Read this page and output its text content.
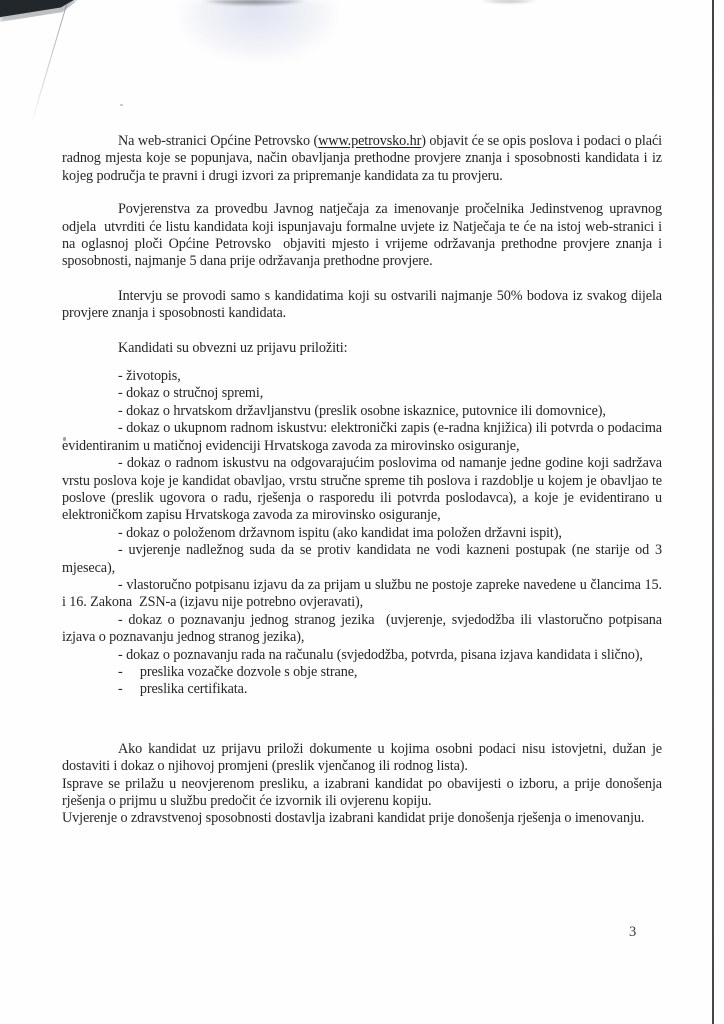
Na web-stranici Općine Petrovsko (www.petrovsko.hr) objavit će se opis poslova i podaci o plaći radnog mjesta koje se popunjava, način obavljanja prethodne provjere znanja i sposobnosti kandidata i iz kojeg područja te pravni i drugi izvori za pripremanje kandidata za tu provjeru.

Povjerenstva za provedbu Javnog natječaja za imenovanje pročelnika Jedinstvenog upravnog odjela  utvrditi će listu kandidata koji ispunjavaju formalne uvjete iz Natječaja te će na istoj web-stranici i na oglasnoj ploči Općine Petrovsko  objaviti mjesto i vrijeme održavanja prethodne provjere znanja i sposobnosti, najmanje 5 dana prije održavanja prethodne provjere.

Intervju se provodi samo s kandidatima koji su ostvarili najmanje 50% bodova iz svakog dijela provjere znanja i sposobnosti kandidata.

Kandidati su obvezni uz prijavu priložiti:

- životopis,

- dokaz o stručnoj spremi,

- dokaz o hrvatskom državljanstvu (preslik osobne iskaznice, putovnice ili domovnice),

- dokaz o ukupnom radnom iskustvu: elektronički zapis (e-radna knjižica) ili potvrda o podacima evidentiranim u matičnoj evidenciji Hrvatskoga zavoda za mirovinsko osiguranje,

- dokaz o radnom iskustvu na odgovarajućim poslovima od namanje jedne godine koji sadržava vrstu poslova koje je kandidat obavljao, vrstu stručne spreme tih poslova i razdoblje u kojem je obavljao te poslove (preslik ugovora o radu, rješenja o rasporedu ili potvrda poslodavca), a koje je evidentirano u elektroničkom zapisu Hrvatskoga zavoda za mirovinsko osiguranje,

- dokaz o položenom državnom ispitu (ako kandidat ima položen državni ispit),

- uvjerenje nadležnog suda da se protiv kandidata ne vodi kazneni postupak (ne starije od 3 mjeseca),

- vlastoručno potpisanu izjavu da za prijam u službu ne postoje zapreke navedene u člancima 15. i 16. Zakona  ZSN-a (izjavu nije potrebno ovjeravati),

- dokaz o poznavanju jednog stranog jezika  (uvjerenje, svjedodžba ili vlastoručno potpisana izjava o poznavanju jednog stranog jezika),

- dokaz o poznavanju rada na računalu (svjedodžba, potvrda, pisana izjava kandidata i slično),

-     preslika vozačke dozvole s obje strane,

-     preslika certifikata.

Ako kandidat uz prijavu priloži dokumente u kojima osobni podaci nisu istovjetni, dužan je dostaviti i dokaz o njihovoj promjeni (preslik vjenčanog ili rodnog lista).

Isprave se prilažu u neovjerenom presliku, a izabrani kandidat po obavijesti o izboru, a prije donošenja rješenja o prijmu u službu predočit će izvornik ili ovjerenu kopiju.

Uvjerenje o zdravstvenoj sposobnosti dostavlja izabrani kandidat prije donošenja rješenja o imenovanju.

3
